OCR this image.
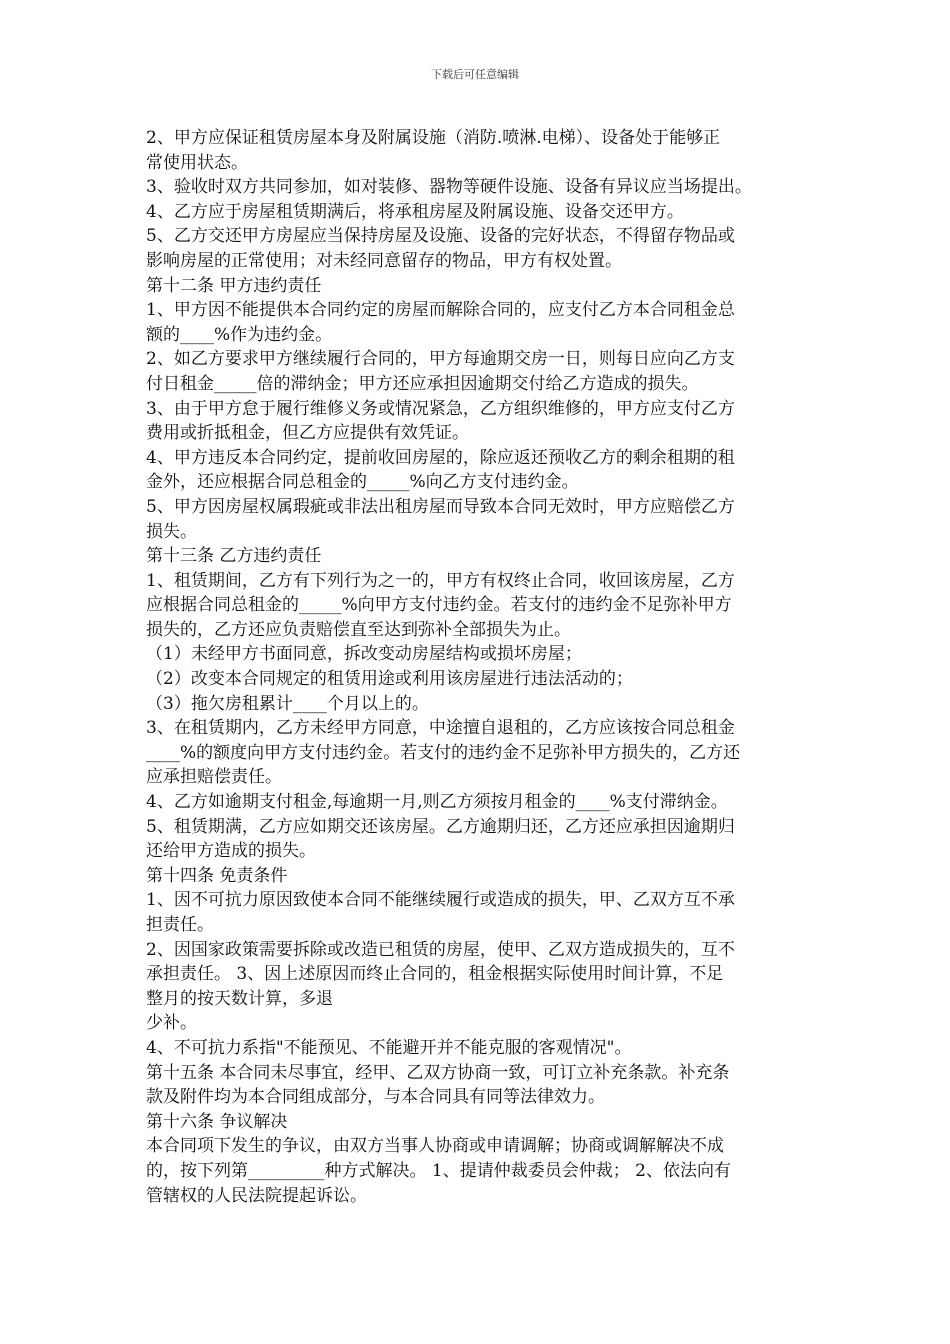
下载后可任意编辑
2、甲方应保证租赁房屋本身及附属设施（消防.喷淋.电梯）、设备处于能够正
常使用状态。
3、验收时双方共同参加，如对装修、器物等硬件设施、设备有异议应当场提出。
4、乙方应于房屋租赁期满后，将承租房屋及附属设施、设备交还甲方。
5、乙方交还甲方房屋应当保持房屋及设施、设备的完好状态，不得留存物品或
影响房屋的正常使用；对未经同意留存的物品，甲方有权处置。
第十二条 甲方违约责任
1、甲方因不能提供本合同约定的房屋而解除合同的，应支付乙方本合同租金总
额的____%作为违约金。
2、如乙方要求甲方继续履行合同的，甲方每逾期交房一日，则每日应向乙方支
付日租金_____倍的滞纳金；甲方还应承担因逾期交付给乙方造成的损失。
3、由于甲方怠于履行维修义务或情况紧急，乙方组织维修的，甲方应支付乙方
费用或折抵租金，但乙方应提供有效凭证。
4、甲方违反本合同约定，提前收回房屋的，除应返还预收乙方的剩余租期的租
金外，还应根据合同总租金的_____%向乙方支付违约金。
5、甲方因房屋权属瑕疵或非法出租房屋而导致本合同无效时，甲方应赔偿乙方
损失。
第十三条 乙方违约责任
1、租赁期间，乙方有下列行为之一的，甲方有权终止合同，收回该房屋，乙方
应根据合同总租金的_____%向甲方支付违约金。若支付的违约金不足弥补甲方
损失的，乙方还应负责赔偿直至达到弥补全部损失为止。
（1）未经甲方书面同意，拆改变动房屋结构或损坏房屋；
（2）改变本合同规定的租赁用途或利用该房屋进行违法活动的；
（3）拖欠房租累计____个月以上的。
3、在租赁期内，乙方未经甲方同意，中途擅自退租的，乙方应该按合同总租金
____%的额度向甲方支付违约金。若支付的违约金不足弥补甲方损失的，乙方还
应承担赔偿责任。
4、乙方如逾期支付租金,每逾期一月,则乙方须按月租金的____%支付滞纳金。
5、租赁期满，乙方应如期交还该房屋。乙方逾期归还，乙方还应承担因逾期归
还给甲方造成的损失。
第十四条 免责条件
1、因不可抗力原因致使本合同不能继续履行或造成的损失，甲、乙双方互不承
担责任。
2、因国家政策需要拆除或改造已租赁的房屋，使甲、乙双方造成损失的，互不
承担责任。 3、因上述原因而终止合同的，租金根据实际使用时间计算，不足
整月的按天数计算，多退
少补。
4、不可抗力系指"不能预见、不能避开并不能克服的客观情况"。
第十五条 本合同未尽事宜，经甲、乙双方协商一致，可订立补充条款。补充条
款及附件均为本合同组成部分，与本合同具有同等法律效力。
第十六条 争议解决
本合同项下发生的争议，由双方当事人协商或申请调解；协商或调解解决不成
的，按下列第_________种方式解决。 1、提请仲裁委员会仲裁； 2、依法向有
管辖权的人民法院提起诉讼。
